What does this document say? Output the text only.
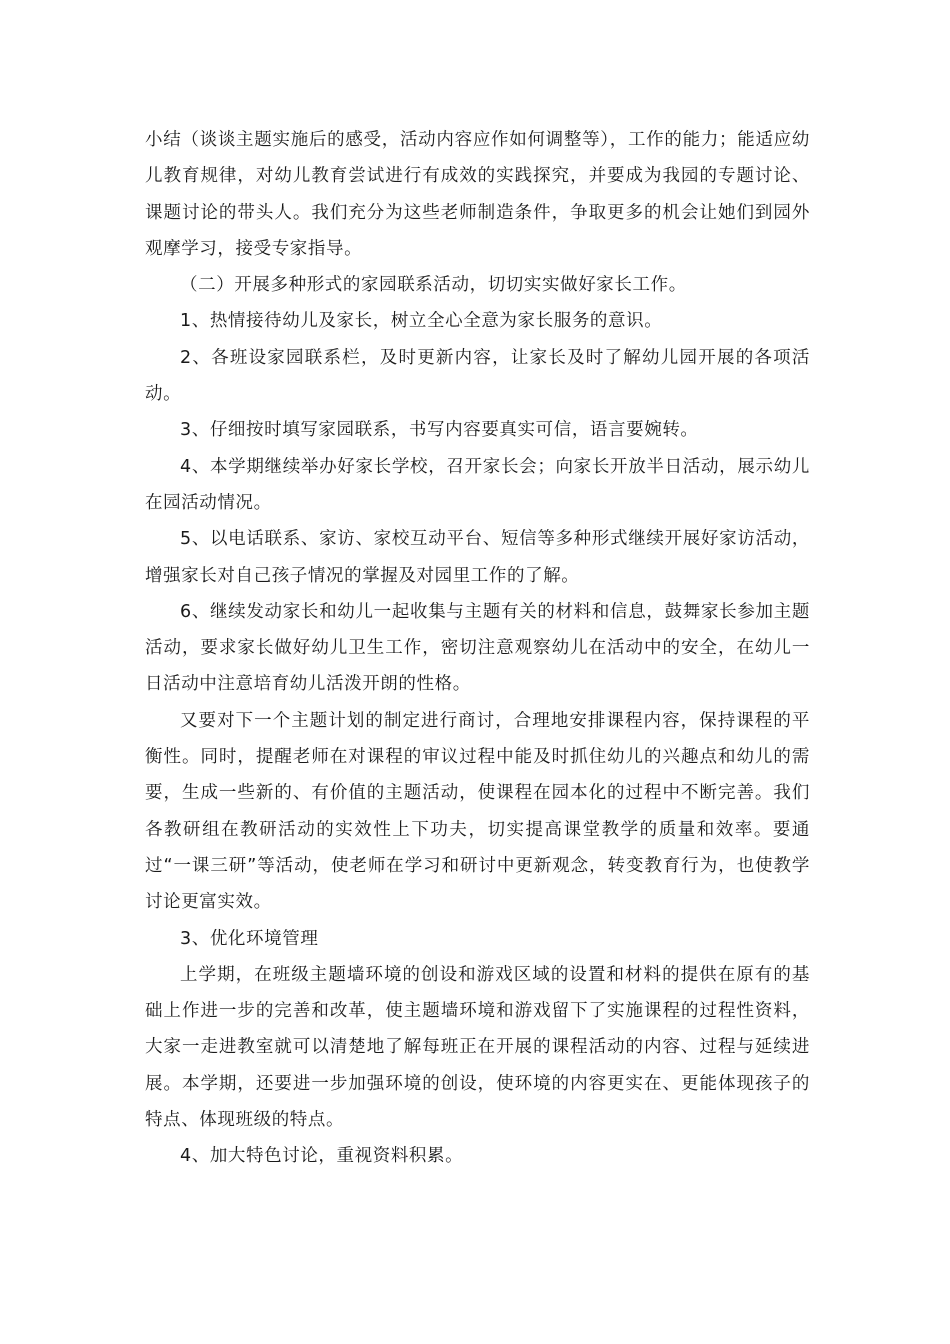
小结（谈谈主题实施后的感受，活动内容应作如何调整等），工作的能力；能适应幼儿教育规律，对幼儿教育尝试进行有成效的实践探究，并要成为我园的专题讨论、课题讨论的带头人。我们充分为这些老师制造条件，争取更多的机会让她们到园外观摩学习，接受专家指导。

（二）开展多种形式的家园联系活动，切切实实做好家长工作。

1、热情接待幼儿及家长，树立全心全意为家长服务的意识。

2、各班设家园联系栏，及时更新内容，让家长及时了解幼儿园开展的各项活动。

3、仔细按时填写家园联系，书写内容要真实可信，语言要婉转。

4、本学期继续举办好家长学校，召开家长会；向家长开放半日活动，展示幼儿在园活动情况。

5、以电话联系、家访、家校互动平台、短信等多种形式继续开展好家访活动，增强家长对自己孩子情况的掌握及对园里工作的了解。

6、继续发动家长和幼儿一起收集与主题有关的材料和信息，鼓舞家长参加主题活动，要求家长做好幼儿卫生工作，密切注意观察幼儿在活动中的安全，在幼儿一日活动中注意培育幼儿活泼开朗的性格。

又要对下一个主题计划的制定进行商讨，合理地安排课程内容，保持课程的平衡性。同时，提醒老师在对课程的审议过程中能及时抓住幼儿的兴趣点和幼儿的需要，生成一些新的、有价值的主题活动，使课程在园本化的过程中不断完善。我们各教研组在教研活动的实效性上下功夫，切实提高课堂教学的质量和效率。要通过“一课三研”等活动，使老师在学习和研讨中更新观念，转变教育行为，也使教学讨论更富实效。

3、优化环境管理

上学期，在班级主题墙环境的创设和游戏区域的设置和材料的提供在原有的基础上作进一步的完善和改革，使主题墙环境和游戏留下了实施课程的过程性资料，大家一走进教室就可以清楚地了解每班正在开展的课程活动的内容、过程与延续进展。本学期，还要进一步加强环境的创设，使环境的内容更实在、更能体现孩子的特点、体现班级的特点。

4、加大特色讨论，重视资料积累。
